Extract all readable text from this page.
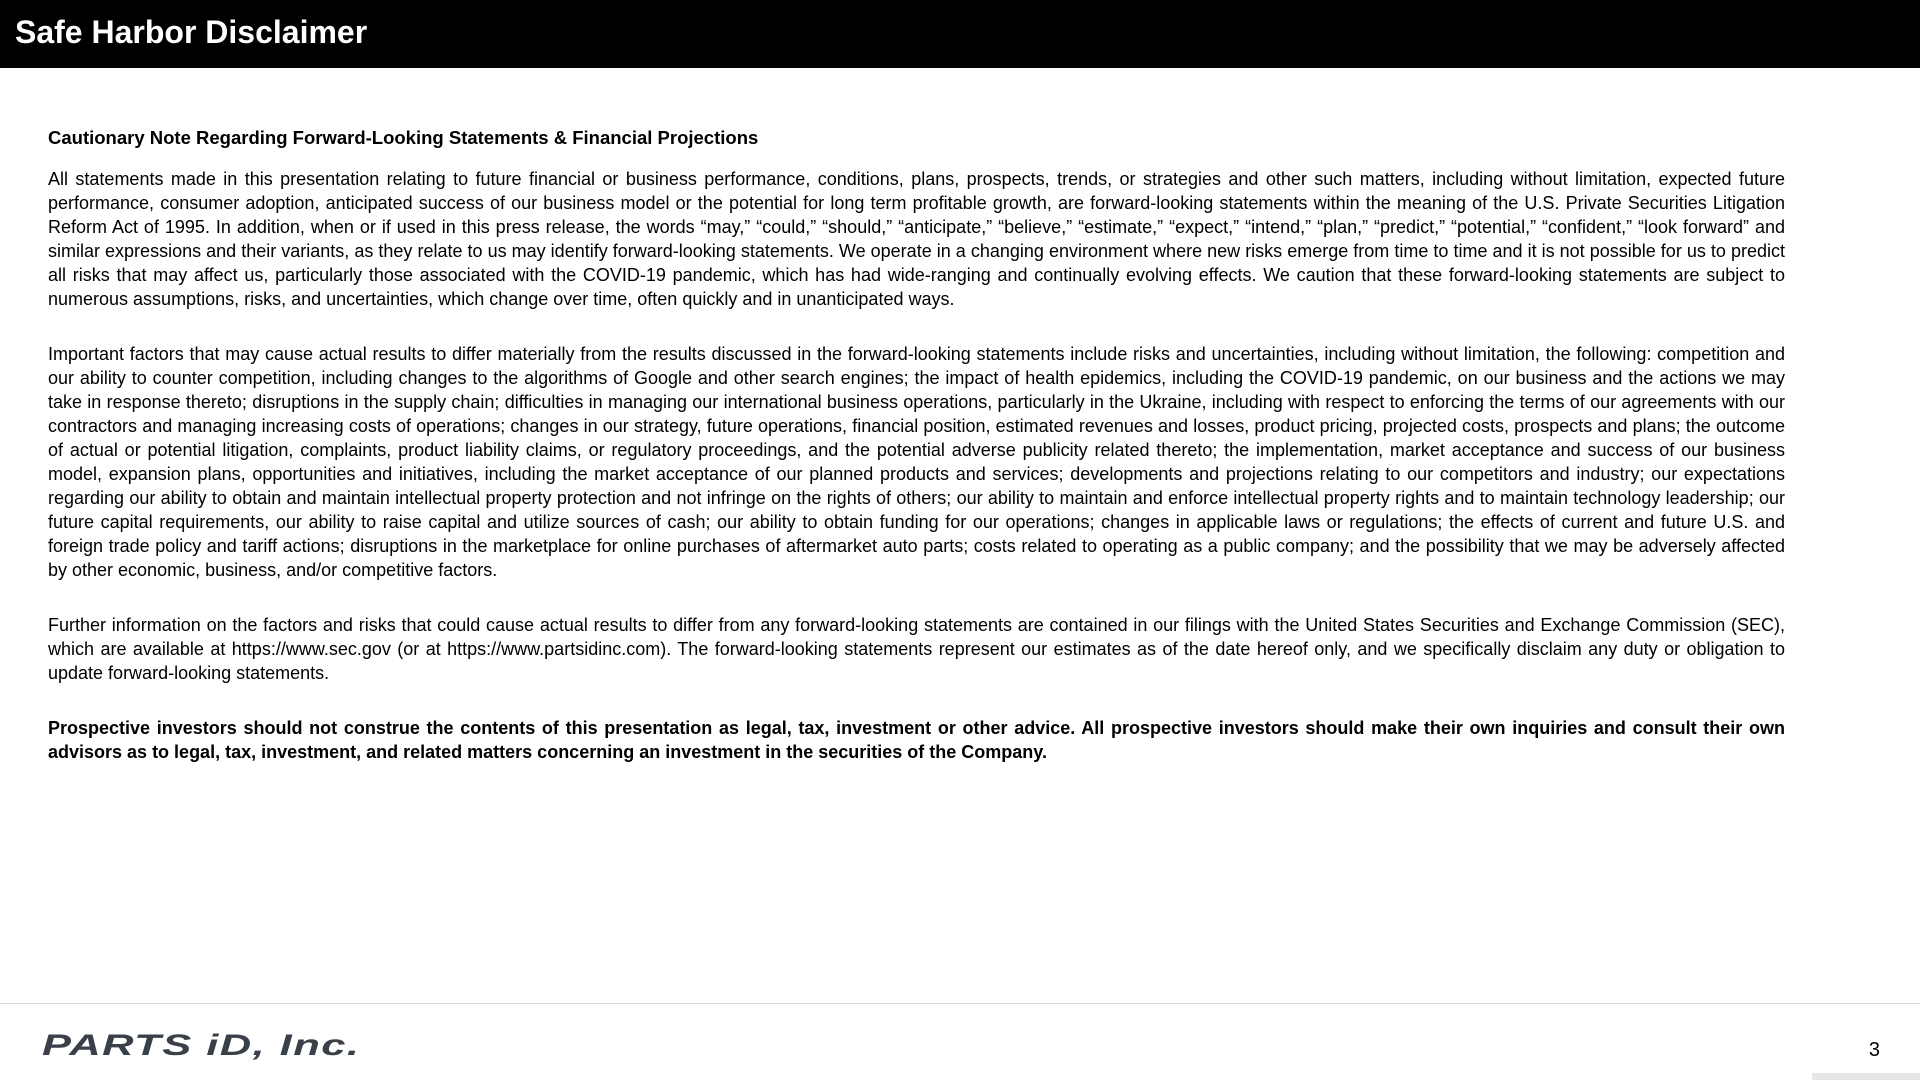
Safe Harbor Disclaimer
Cautionary Note Regarding Forward-Looking Statements & Financial Projections

All statements made in this presentation relating to future financial or business performance, conditions, plans, prospects, trends, or strategies and other such matters, including without limitation, expected future performance, consumer adoption, anticipated success of our business model or the potential for long term profitable growth, are forward-looking statements within the meaning of the U.S. Private Securities Litigation Reform Act of 1995. In addition, when or if used in this press release, the words “may,” “could,” “should,” “anticipate,” “believe,” “estimate,” “expect,” “intend,” “plan,” “predict,” “potential,” “confident,” “look forward” and similar expressions and their variants, as they relate to us may identify forward-looking statements. We operate in a changing environment where new risks emerge from time to time and it is not possible for us to predict all risks that may affect us, particularly those associated with the COVID-19 pandemic, which has had wide-ranging and continually evolving effects. We caution that these forward-looking statements are subject to numerous assumptions, risks, and uncertainties, which change over time, often quickly and in unanticipated ways.

Important factors that may cause actual results to differ materially from the results discussed in the forward-looking statements include risks and uncertainties, including without limitation, the following: competition and our ability to counter competition, including changes to the algorithms of Google and other search engines; the impact of health epidemics, including the COVID-19 pandemic, on our business and the actions we may take in response thereto; disruptions in the supply chain; difficulties in managing our international business operations, particularly in the Ukraine, including with respect to enforcing the terms of our agreements with our contractors and managing increasing costs of operations; changes in our strategy, future operations, financial position, estimated revenues and losses, product pricing, projected costs, prospects and plans; the outcome of actual or potential litigation, complaints, product liability claims, or regulatory proceedings, and the potential adverse publicity related thereto; the implementation, market acceptance and success of our business model, expansion plans, opportunities and initiatives, including the market acceptance of our planned products and services; developments and projections relating to our competitors and industry; our expectations regarding our ability to obtain and maintain intellectual property protection and not infringe on the rights of others; our ability to maintain and enforce intellectual property rights and to maintain technology leadership; our future capital requirements, our ability to raise capital and utilize sources of cash; our ability to obtain funding for our operations; changes in applicable laws or regulations; the effects of current and future U.S. and foreign trade policy and tariff actions; disruptions in the marketplace for online purchases of aftermarket auto parts; costs related to operating as a public company; and the possibility that we may be adversely affected by other economic, business, and/or competitive factors.

Further information on the factors and risks that could cause actual results to differ from any forward-looking statements are contained in our filings with the United States Securities and Exchange Commission (SEC), which are available at https://www.sec.gov (or at https://www.partsidinc.com). The forward-looking statements represent our estimates as of the date hereof only, and we specifically disclaim any duty or obligation to update forward-looking statements.

Prospective investors should not construe the contents of this presentation as legal, tax, investment or other advice. All prospective investors should make their own inquiries and consult their own advisors as to legal, tax, investment, and related matters concerning an investment in the securities of the Company.

PARTS iD, Inc.	3
